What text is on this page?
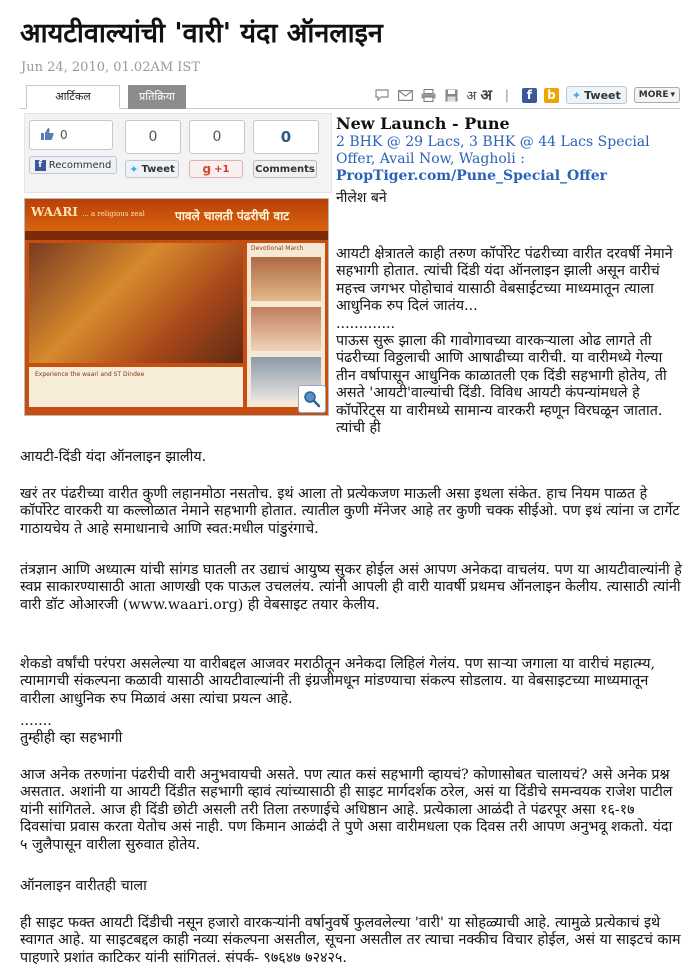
आयटीवाल्यांची 'वारी' यंदा ऑनलाइन
Jun 24, 2010, 01.02AM IST
आर्टिकल	प्रतिक्रिया	अ अ	|	f	b ✦ Tweet MORE ▾
0
f Recommend
0
✦ Tweet
0
g +1
0
Comments
WAARI ... a religious zeal	पावले चालती पंढरीची वाट
Devotional March
Experience the waari and ST Dindee
New Launch - Pune
2 BHK @ 29 Lacs, 3 BHK @ 44 Lacs Special Offer, Avail Now, Wagholi :
PropTiger.com/Pune_Special_Offer
नीलेश बने

आयटी क्षेत्रातले काही तरुण कॉर्पोरेट पंढरीच्या वारीत दरवर्षी नेमाने सहभागी होतात. त्यांची दिंडी यंदा ऑनलाइन झाली असून वारीचं महत्त्व जगभर पोहोचावं यासाठी वेबसाईटच्या माध्यमातून त्याला आधुनिक रुप दिलं जातंय...

.............

पाऊस सुरू झाला की गावोगावच्या वारकऱ्याला ओढ लागते ती पंढरीच्या विठ्ठलाची आणि आषाढीच्या वारीची. या वारीमध्ये गेल्या तीन वर्षापासून आधुनिक काळातली एक दिंडी सहभागी होतेय, ती असते 'आयटी'वाल्यांची दिंडी. विविध आयटी कंपन्यांमधले हे कॉर्पोरेट्स या वारीमध्ये सामान्य वारकरी म्हणून विरघळून जातात. त्यांची ही

आयटी-दिंडी यंदा ऑनलाइन झालीय.

खरं तर पंढरीच्या वारीत कुणी लहानमोठा नसतोच. इथं आला तो प्रत्येकजण माऊली असा इथला संकेत. हाच नियम पाळत हे कॉर्पोरेट वारकरी या कल्लोळात नेमाने सहभागी होतात. त्यातील कुणी मॅनेजर आहे तर कुणी चक्क सीईओ. पण इथं त्यांना ज टार्गेट गाठायचेय ते आहे समाधानाचे आणि स्वत:मधील पांडुरंगाचे.

तंत्रज्ञान आणि अध्यात्म यांची सांगड घातली तर उद्याचं आयुष्य सुकर होईल असं आपण अनेकदा वाचलंय. पण या आयटीवाल्यांनी हे स्वप्न साकारण्यासाठी आता आणखी एक पाऊल उचललंय. त्यांनी आपली ही वारी यावर्षी प्रथमच ऑनलाइन केलीय. त्यासाठी त्यांनी वारी डॉट ओआरजी (www.waari.org) ही वेबसाइट तयार केलीय.

शेकडो वर्षांची परंपरा असलेल्या या वारीबद्दल आजवर मराठीतून अनेकदा लिहिलं गेलंय. पण साऱ्या जगाला या वारीचं महात्म्य, त्यामागची संकल्पना कळावी यासाठी आयटीवाल्यांनी ती इंग्रजीमधून मांडण्याचा संकल्प सोडलाय. या वेबसाइटच्या माध्यमातून वारीला आधुनिक रुप मिळावं असा त्यांचा प्रयत्न आहे.

.......

तुम्हीही व्हा सहभागी

आज अनेक तरुणांना पंढरीची वारी अनुभवायची असते. पण त्यात कसं सहभागी व्हायचं? कोणासोबत चालायचं? असे अनेक प्रश्न असतात. अशांनी या आयटी दिंडीत सहभागी व्हावं त्यांच्यासाठी ही साइट मार्गदर्शक ठरेल, असं या दिंडीचे समन्वयक राजेश पाटील यांनी सांगितले. आज ही दिंडी छोटी असली तरी तिला तरुणाईचे अधिष्ठान आहे. प्रत्येकाला आळंदी ते पंढरपूर असा १६-१७ दिवसांचा प्रवास करता येतोच असं नाही. पण किमान आळंदी ते पुणे असा वारीमधला एक दिवस तरी आपण अनुभवू शकतो. यंदा ५ जुलैपासून वारीला सुरुवात होतेय.

ऑनलाइन वारीतही चाला

ही साइट फक्त आयटी दिंडीची नसून हजारो वारकऱ्यांनी वर्षानुवर्षे फुलवलेल्या 'वारी' या सोहळ्याची आहे. त्यामुळे प्रत्येकाचं इथे स्वागत आहे. या साइटबद्दल काही नव्या संकल्पना असतील, सूचना असतील तर त्याचा नक्कीच विचार होईल, असं या साइटचं काम पाहणारे प्रशांत काटिकर यांनी सांगितलं. संपर्क- ९७६४७ ७२४२५.
